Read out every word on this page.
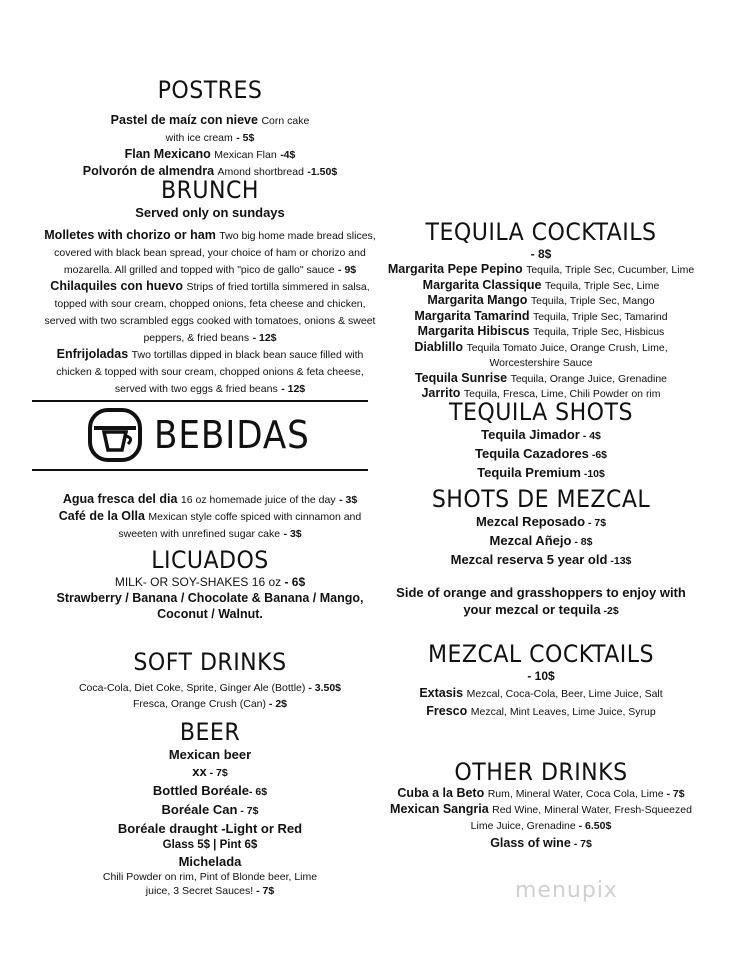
POSTRES
Pastel de maíz con nieve Corn cake with ice cream - 5$
Flan Mexicano Mexican Flan -4$
Polvorón de almendra Amond shortbread -1.50$
BRUNCH
Served only on sundays
Molletes with chorizo or ham Two big home made bread slices, covered with black bean spread, your choice of ham or chorizo and mozarella. All grilled and topped with "pico de gallo" sauce - 9$
Chilaquiles con huevo Strips of fried tortilla simmered in salsa, topped with sour cream, chopped onions, feta cheese and chicken, served with two scrambled eggs cooked with tomatoes, onions & sweet peppers, & fried beans - 12$
Enfrijoladas Two tortillas dipped in black bean sauce filled with chicken & topped with sour cream, chopped onions & feta cheese, served with two eggs & fried beans - 12$
BEBIDAS
Agua fresca del dia 16 oz homemade juice of the day - 3$
Café de la Olla Mexican style coffe spiced with cinnamon and sweeten with unrefined sugar cake - 3$
LICUADOS
MILK- OR SOY-SHAKES 16 oz - 6$
Strawberry / Banana / Chocolate & Banana / Mango, Coconut / Walnut.
SOFT DRINKS
Coca-Cola, Diet Coke, Sprite, Ginger Ale (Bottle) - 3.50$
Fresca, Orange Crush (Can) - 2$
BEER
Mexican beer
xx - 7$
Bottled Boréale- 6$
Boréale Can - 7$
Boréale draught -Light or Red
Glass 5$ | Pint 6$
Michelada
Chili Powder on rim, Pint of Blonde beer, Lime juice, 3 Secret Sauces! - 7$
TEQUILA COCKTAILS
- 8$
Margarita Pepe Pepino Tequila, Triple Sec, Cucumber, Lime
Margarita Classique Tequila, Triple Sec, Lime
Margarita Mango Tequila, Triple Sec, Mango
Margarita Tamarind Tequila, Triple Sec, Tamarind
Margarita Hibiscus Tequila, Triple Sec, Hisbicus
Diablillo Tequila Tomato Juice, Orange Crush, Lime, Worcestershire Sauce
Tequila Sunrise Tequila, Orange Juice, Grenadine
Jarrito Tequila, Fresca, Lime, Chili Powder on rim
TEQUILA SHOTS
Tequila Jimador - 4$
Tequila Cazadores -6$
Tequila Premium -10$
SHOTS DE MEZCAL
Mezcal Reposado - 7$
Mezcal Añejo - 8$
Mezcal reserva 5 year old -13$
Side of orange and grasshoppers to enjoy with your mezcal or tequila -2$
MEZCAL COCKTAILS
- 10$
Extasis Mezcal, Coca-Cola, Beer, Lime Juice, Salt
Fresco Mezcal, Mint Leaves, Lime Juice, Syrup
OTHER DRINKS
Cuba a la Beto Rum, Mineral Water, Coca Cola, Lime - 7$
Mexican Sangria Red Wine, Mineral Water, Fresh-Squeezed Lime Juice, Grenadine - 6.50$
Glass of wine - 7$
menupix
